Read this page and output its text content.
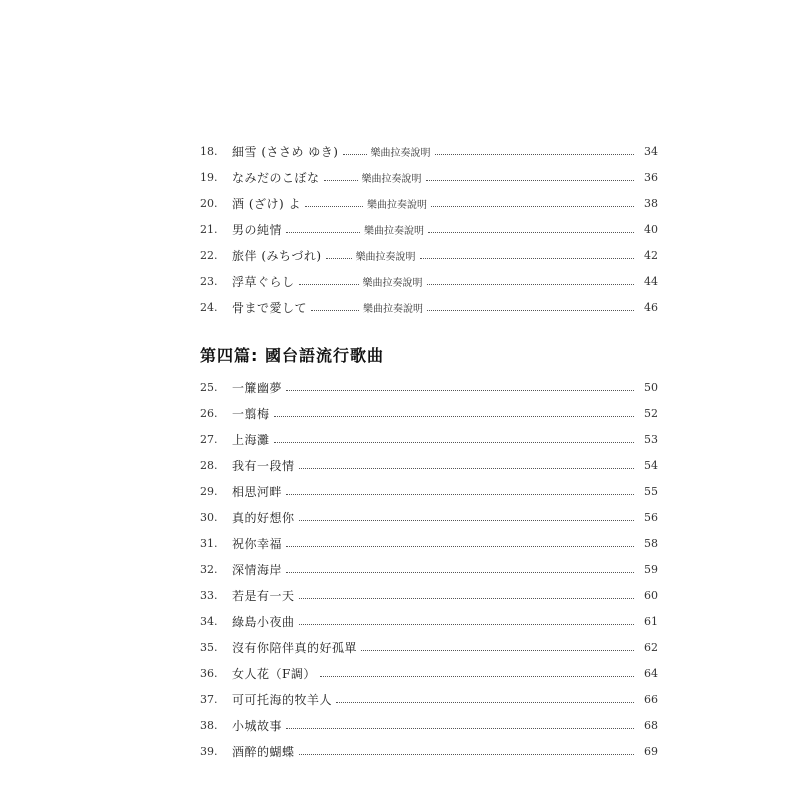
18.	細雪 (ささめ ゆき)	樂曲拉奏說明	34
19.	なみだのこぼな	樂曲拉奏說明	36
20.	酒 (ざけ) よ	樂曲拉奏說明	38
21.	男の純情	樂曲拉奏說明	40
22.	旅伴 (みちづれ)	樂曲拉奏說明	42
23.	浮草ぐらし	樂曲拉奏說明	44
24.	骨まで愛して	樂曲拉奏說明	46
第四篇: 國台語流行歌曲
25.	一簾幽夢	50
26.	一翦梅	52
27.	上海灘	53
28.	我有一段情	54
29.	相思河畔	55
30.	真的好想你	56
31.	祝你幸福	58
32.	深情海岸	59
33.	若是有一天	60
34.	綠島小夜曲	61
35.	沒有你陪伴真的好孤單	62
36.	女人花（F調）	64
37.	可可托海的牧羊人	66
38.	小城故事	68
39.	酒醉的蝴蝶	69
